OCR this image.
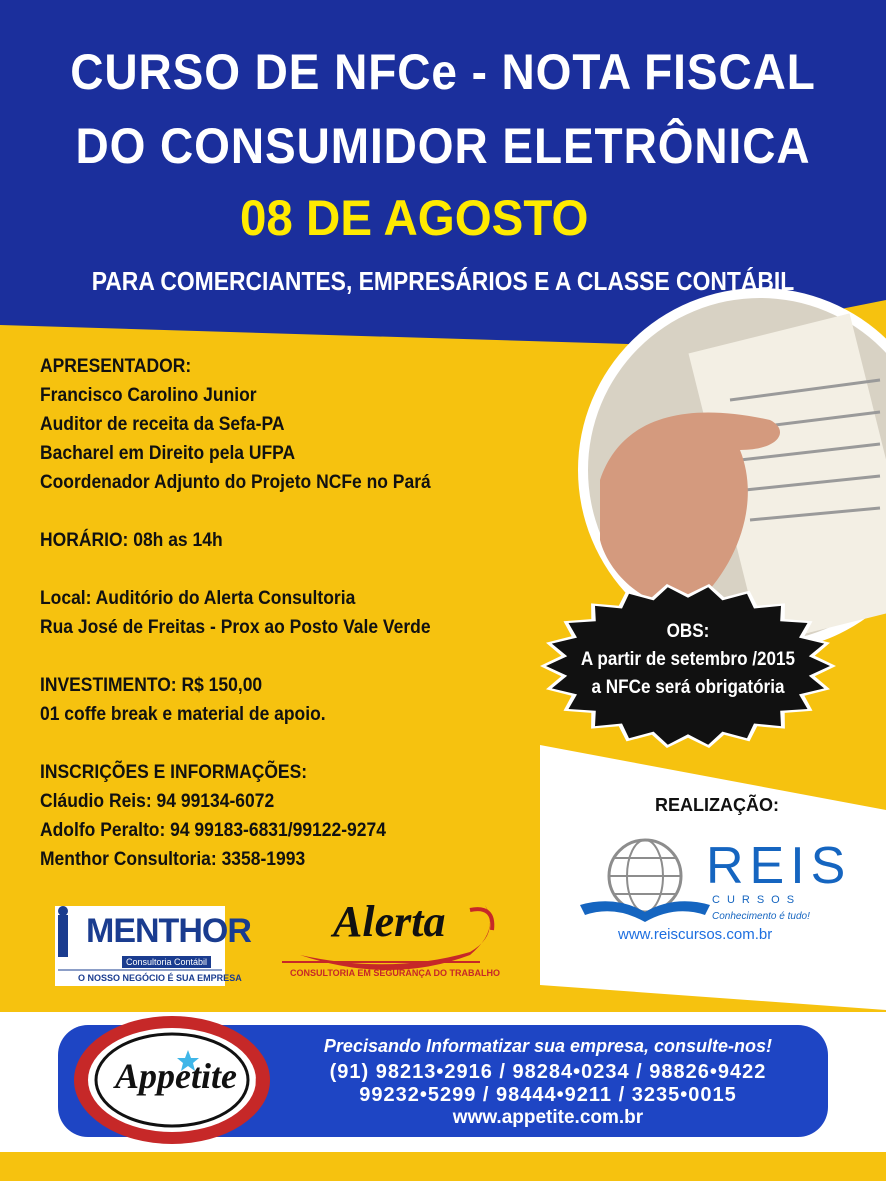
CURSO DE NFCe - NOTA FISCAL
DO CONSUMIDOR ELETRÔNICA
08 DE AGOSTO
PARA COMERCIANTES, EMPRESÁRIOS E A CLASSE CONTÁBIL

APRESENTADOR:

Francisco Carolino Junior

Auditor de receita da Sefa-PA

Bacharel em Direito pela UFPA

Coordenador Adjunto do Projeto NCFe no Pará

HORÁRIO: 08h as 14h

Local: Auditório do Alerta Consultoria

Rua José de Freitas - Prox ao Posto Vale Verde

INVESTIMENTO: R$ 150,00

01 coffe break e material de apoio.

INSCRIÇÕES E INFORMAÇÕES:

Cláudio Reis: 94 99134-6072

Adolfo Peralto: 94 99183-6831/99122-9274

Menthor Consultoria: 3358-1993

OBS:
A partir de setembro /2015
a NFCe será obrigatória
REALIZAÇÃO:
REIS
CURSOS
Conhecimento é tudo!
www.reiscursos.com.br
MENTHOR
Consultoria Contábil
O NOSSO NEGÓCIO É SUA EMPRESA
Alerta
CONSULTORIA EM SEGURANÇA DO TRABALHO
Appetite R
Precisando Informatizar sua empresa, consulte-nos!
(91) 98213•2916 / 98284•0234 / 98826•9422
99232•5299 / 98444•9211 / 3235•0015
www.appetite.com.br
